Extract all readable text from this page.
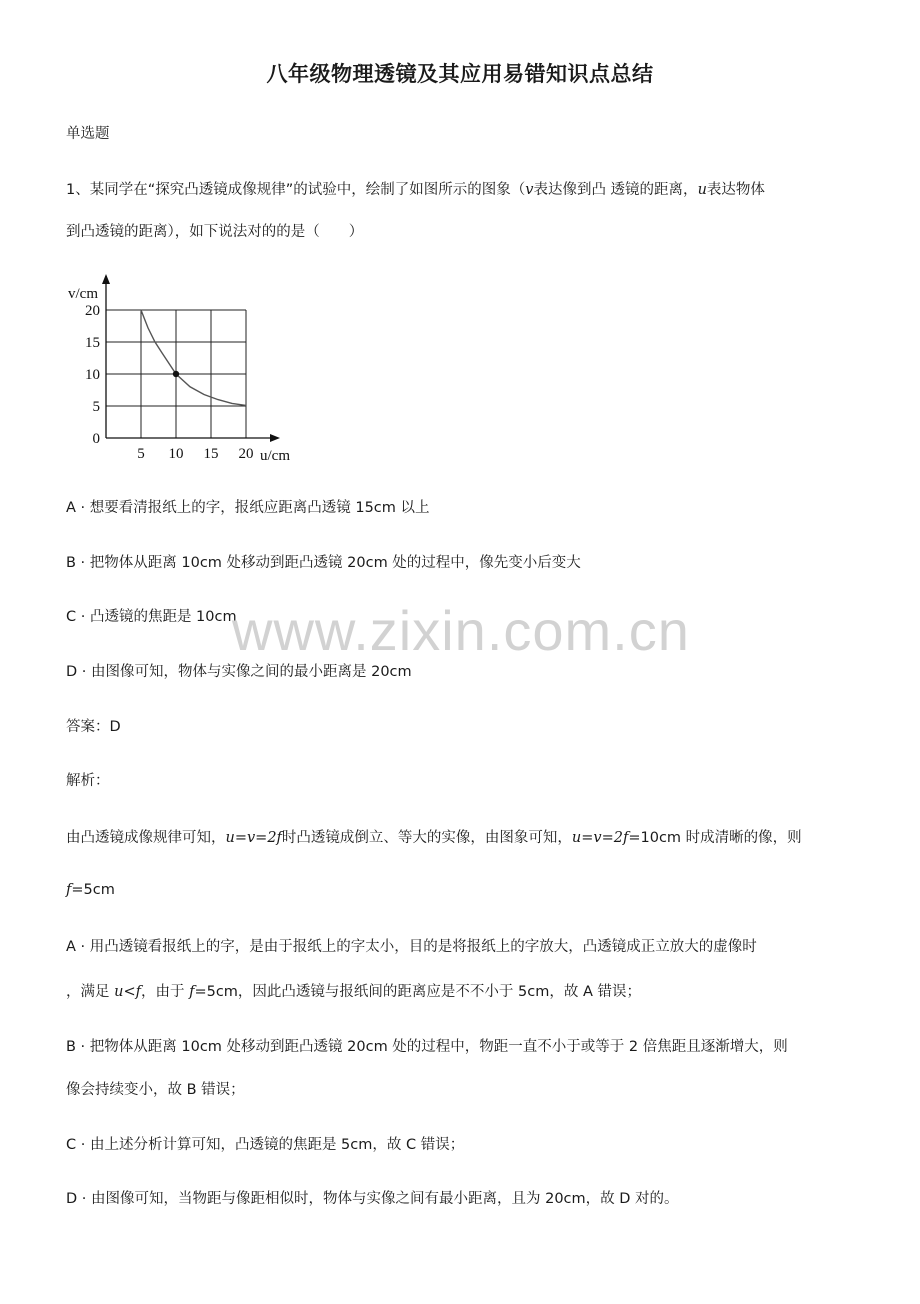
八年级物理透镜及其应用易错知识点总结
单选题
1、某同学在“探究凸透镜成像规律”的试验中，绘制了如图所示的图象（v表达像到凸 透镜的距离，u表达物体
到凸透镜的距离），如下说法对的的是（　　）
5 10 15 20
0
5
10
15
20
v/cm
u/cm
A · 想要看清报纸上的字，报纸应距离凸透镜 15cm 以上
B · 把物体从距离 10cm 处移动到距凸透镜 20cm 处的过程中，像先变小后变大
C · 凸透镜的焦距是 10cm
D · 由图像可知，物体与实像之间的最小距离是 20cm
www.zixin.com.cn
答案：D
解析：
由凸透镜成像规律可知，u=v=2f时凸透镜成倒立、等大的实像，由图象可知，u=v=2f=10cm 时成清晰的像，则
f=5cm
A · 用凸透镜看报纸上的字，是由于报纸上的字太小，目的是将报纸上的字放大，凸透镜成正立放大的虚像时
，满足 u<f，由于 f=5cm，因此凸透镜与报纸间的距离应是不不小于 5cm，故 A 错误；
B · 把物体从距离 10cm 处移动到距凸透镜 20cm 处的过程中，物距一直不小于或等于 2 倍焦距且逐渐增大，则
像会持续变小，故 B 错误；
C · 由上述分析计算可知，凸透镜的焦距是 5cm，故 C 错误；
D · 由图像可知，当物距与像距相似时，物体与实像之间有最小距离，且为 20cm，故 D 对的。
